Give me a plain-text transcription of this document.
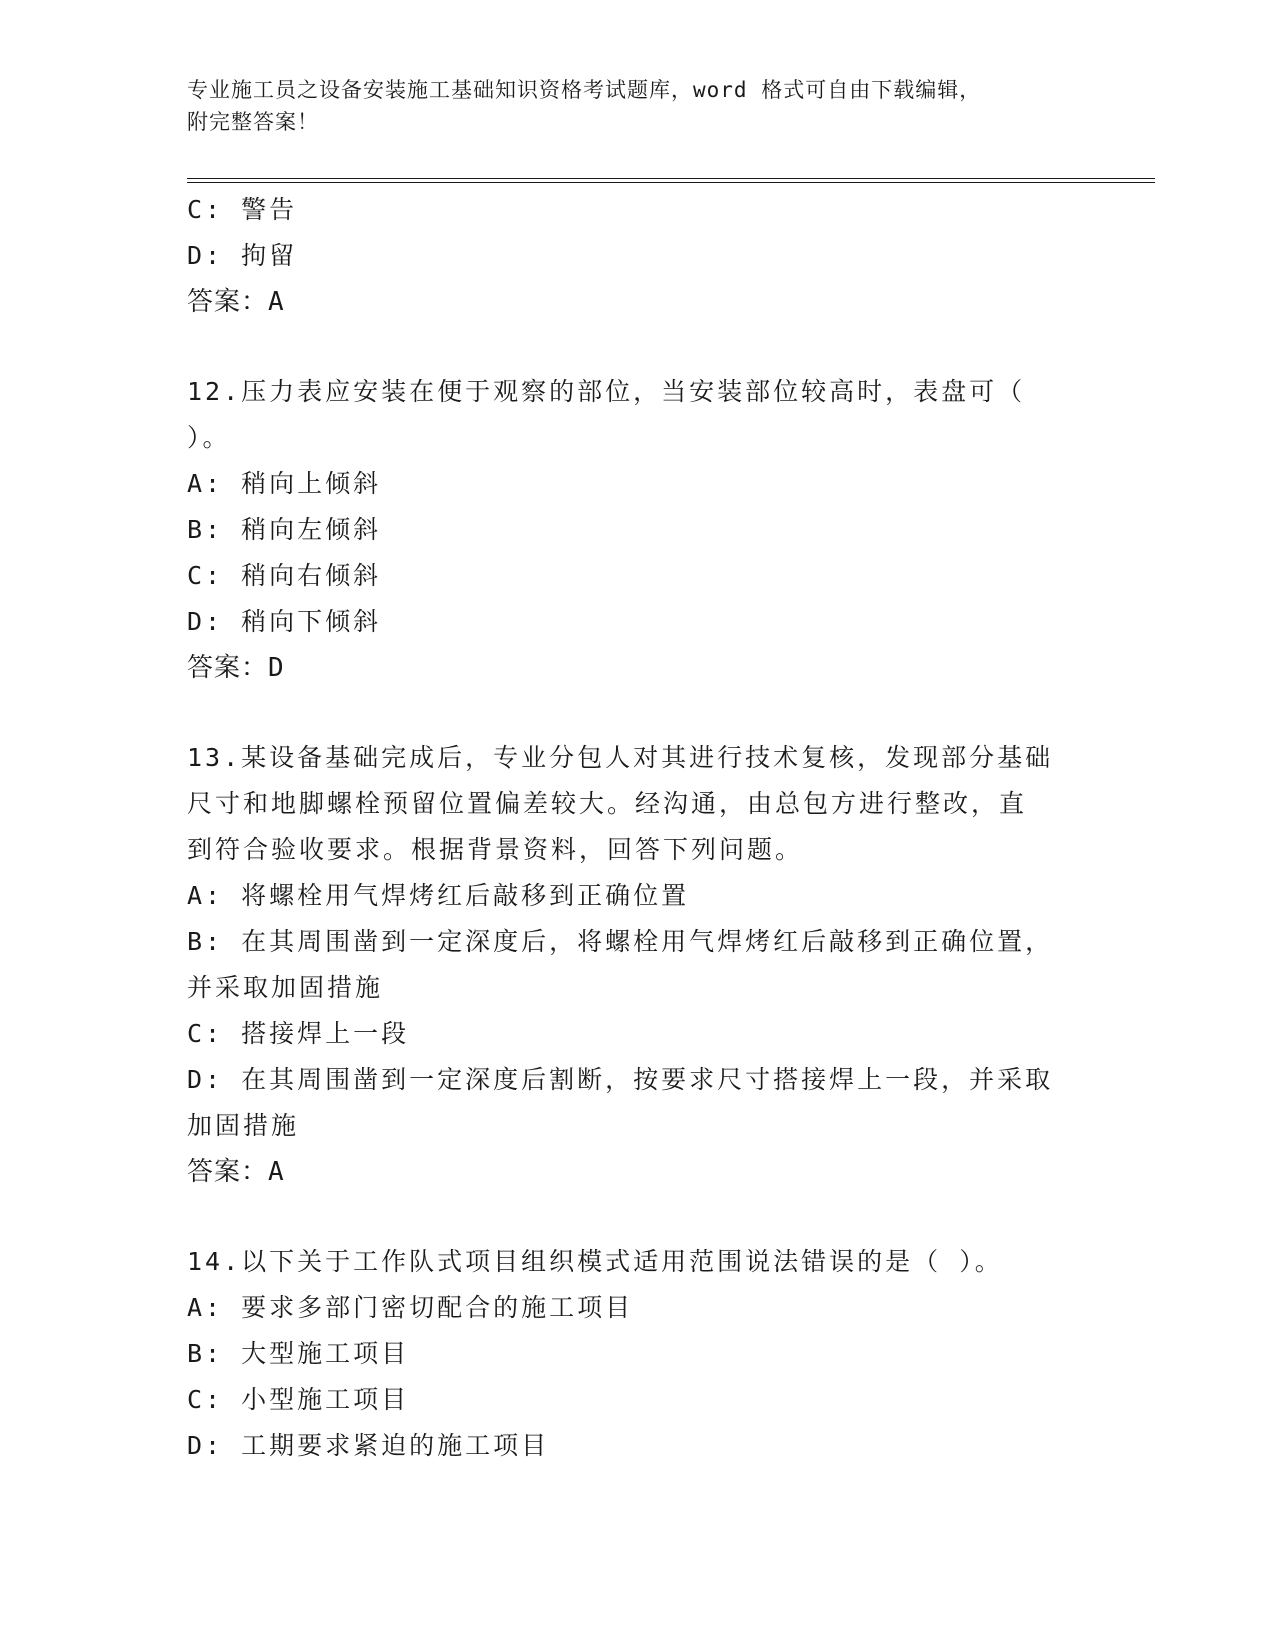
专业施工员之设备安装施工基础知识资格考试题库，word 格式可自由下载编辑，
附完整答案！
C: 警告
D: 拘留
答案：A
12.压力表应安装在便于观察的部位，当安装部位较高时，表盘可（
）。
A: 稍向上倾斜
B: 稍向左倾斜
C: 稍向右倾斜
D: 稍向下倾斜
答案：D
13.某设备基础完成后，专业分包人对其进行技术复核，发现部分基础
尺寸和地脚螺栓预留位置偏差较大。经沟通，由总包方进行整改，直
到符合验收要求。根据背景资料，回答下列问题。
A: 将螺栓用气焊烤红后敲移到正确位置
B: 在其周围凿到一定深度后，将螺栓用气焊烤红后敲移到正确位置，
并采取加固措施
C: 搭接焊上一段
D: 在其周围凿到一定深度后割断，按要求尺寸搭接焊上一段，并采取
加固措施
答案：A
14.以下关于工作队式项目组织模式适用范围说法错误的是（ ）。
A: 要求多部门密切配合的施工项目
B: 大型施工项目
C: 小型施工项目
D: 工期要求紧迫的施工项目
